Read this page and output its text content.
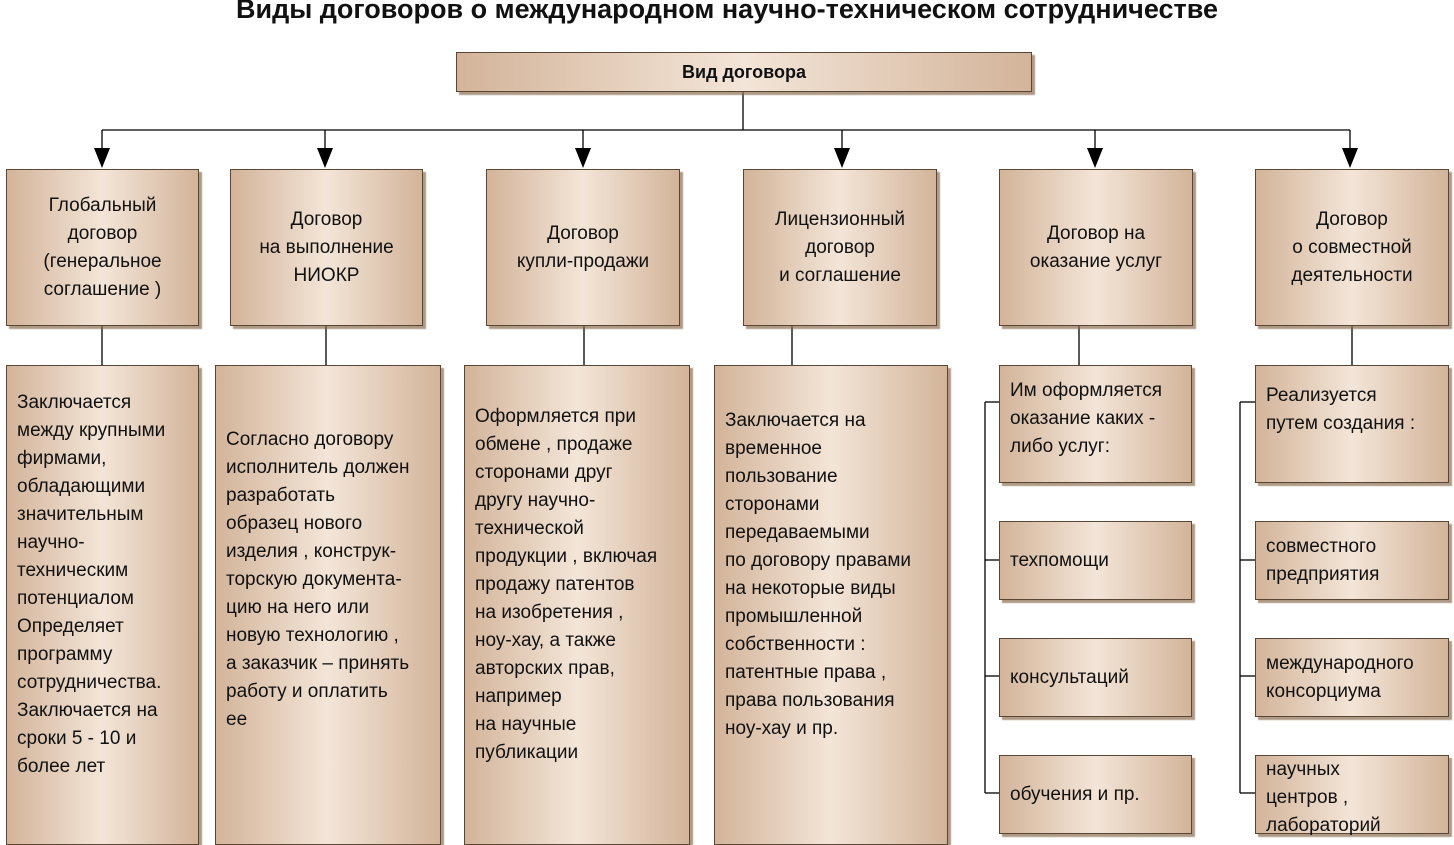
Виды договоров о международном научно-техническом сотрудничестве
Вид договора
Глобальный
договор
(генеральное
соглашение )
Договор
на выполнение
НИОКР
Договор
купли-продажи
Лицензионный
договор
и соглашение
Договор на
оказание услуг
Договор
о совместной
деятельности
Заключается
между крупными
фирмами,
обладающими
значительным
научно-
техническим
потенциалом
Определяет
программу
сотрудничества.
Заключается на
сроки 5 - 10 и
более лет
Согласно договору
исполнитель должен
разработать
образец нового
изделия , конструк-
торскую документа-
цию на него или
новую технологию ,
а заказчик – принять
работу и оплатить
ее
Оформляется при
обмене , продаже
сторонами друг
другу научно-
технической
продукции , включая
продажу патентов
на изобретения ,
ноу-хау, а также
авторских прав,
например
на научные
публикации
Заключается на
временное
пользование
сторонами
передаваемыми
по договору правами
на некоторые виды
промышленной
собственности :
патентные права ,
права пользования
ноу-хау и пр.
Им оформляется
оказание каких -
либо услуг:
техпомощи
консультаций
обучения и пр.
Реализуется
путем создания :
совместного
предприятия
международного
консорциума
научных
центров ,
лабораторий
